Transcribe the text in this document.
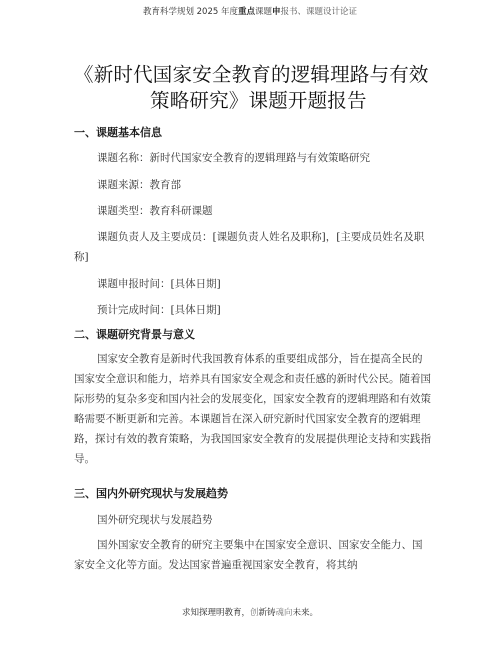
教育科学规划 2025 年度重点课题申报书、课题设计论证
《新时代国家安全教育的逻辑理路与有效
策略研究》课题开题报告
一、课题基本信息

课题名称：新时代国家安全教育的逻辑理路与有效策略研究

课题来源：教育部

课题类型：教育科研课题

课题负责人及主要成员：[课题负责人姓名及职称]，[主要成员姓名及职称]

课题申报时间：[具体日期]

预计完成时间：[具体日期]

二、课题研究背景与意义

国家安全教育是新时代我国教育体系的重要组成部分，旨在提高全民的国家安全意识和能力，培养具有国家安全观念和责任感的新时代公民。随着国际形势的复杂多变和国内社会的发展变化，国家安全教育的逻辑理路和有效策略需要不断更新和完善。本课题旨在深入研究新时代国家安全教育的逻辑理路，探讨有效的教育策略，为我国国家安全教育的发展提供理论支持和实践指导。

三、国内外研究现状与发展趋势

国外研究现状与发展趋势

国外国家安全教育的研究主要集中在国家安全意识、国家安全能力、国家安全文化等方面。发达国家普遍重视国家安全教育，将其纳

求知探理明教育，创新铸魂向未来。
